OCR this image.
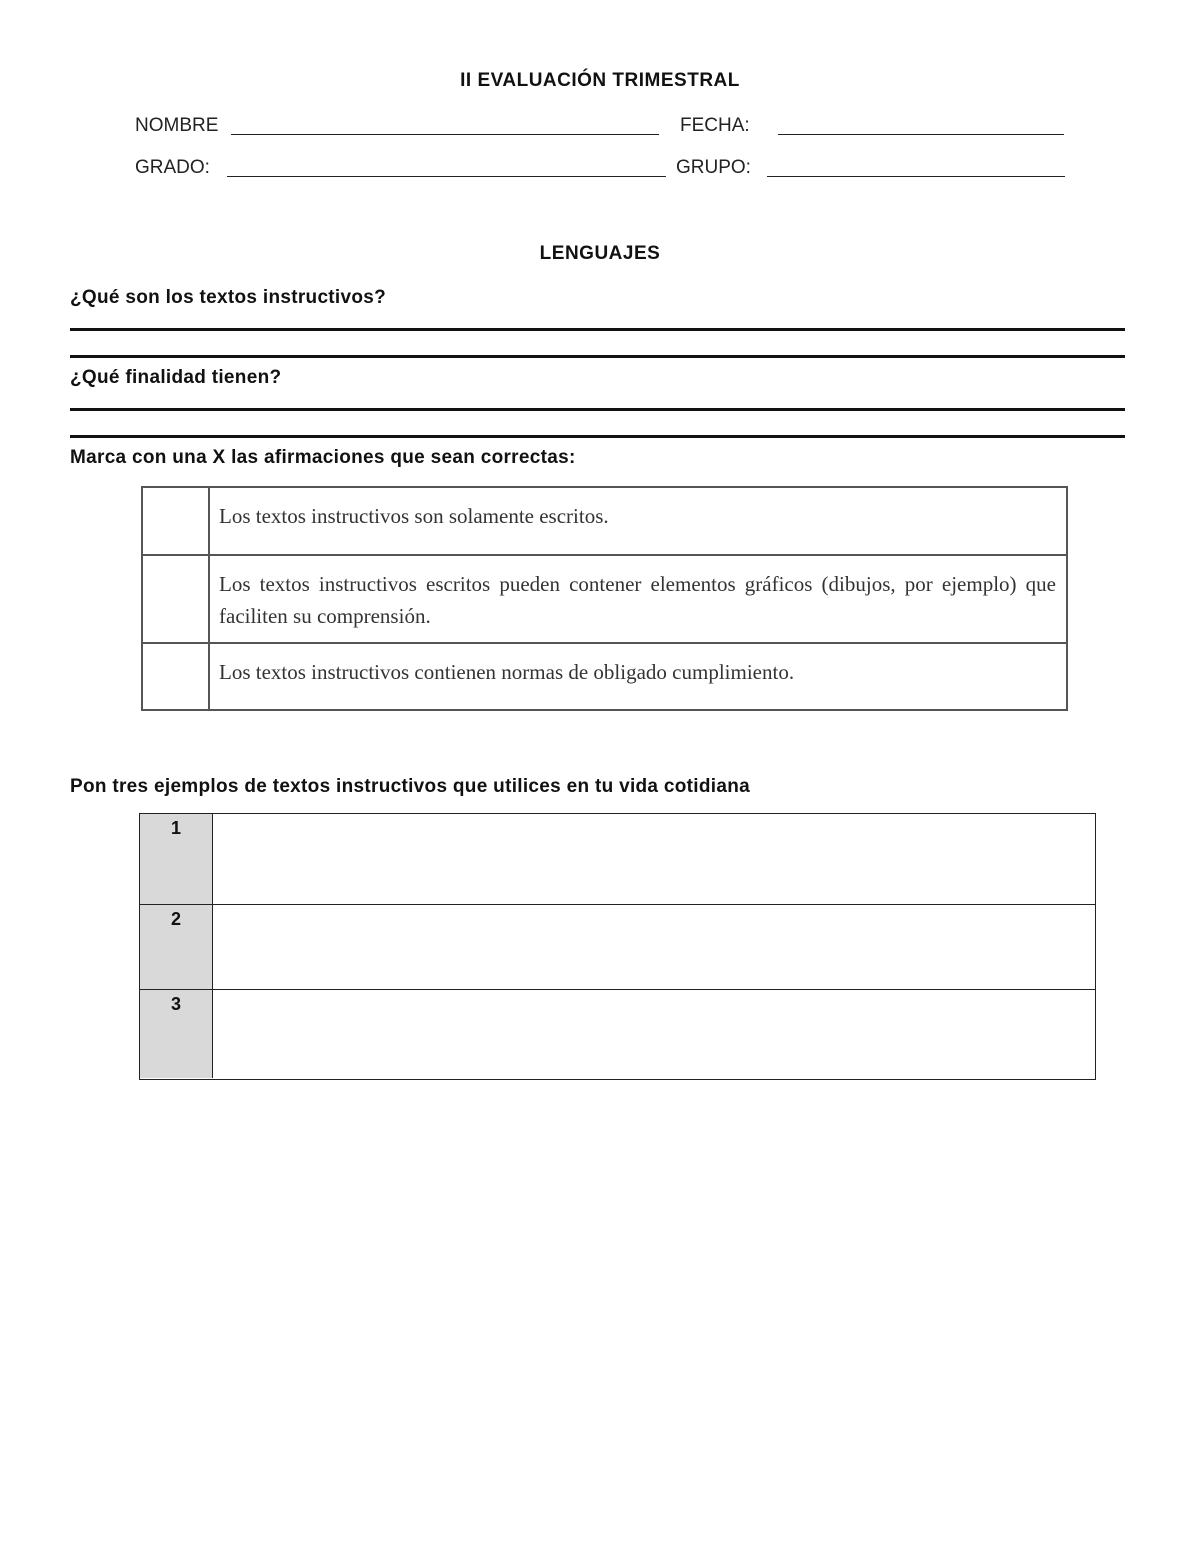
II EVALUACIÓN TRIMESTRAL
NOMBRE	FECHA:
GRADO:	GRUPO:
LENGUAJES
¿Qué son los textos instructivos?
¿Qué finalidad tienen?
Marca con una X las afirmaciones que sean correctas:
Los textos instructivos son solamente escritos.
Los textos instructivos escritos pueden contener elementos gráficos (dibujos, por ejemplo) que faciliten su comprensión.
Los textos instructivos contienen normas de obligado cumplimiento.
Pon tres ejemplos de textos instructivos que utilices en tu vida cotidiana
1
2
3
